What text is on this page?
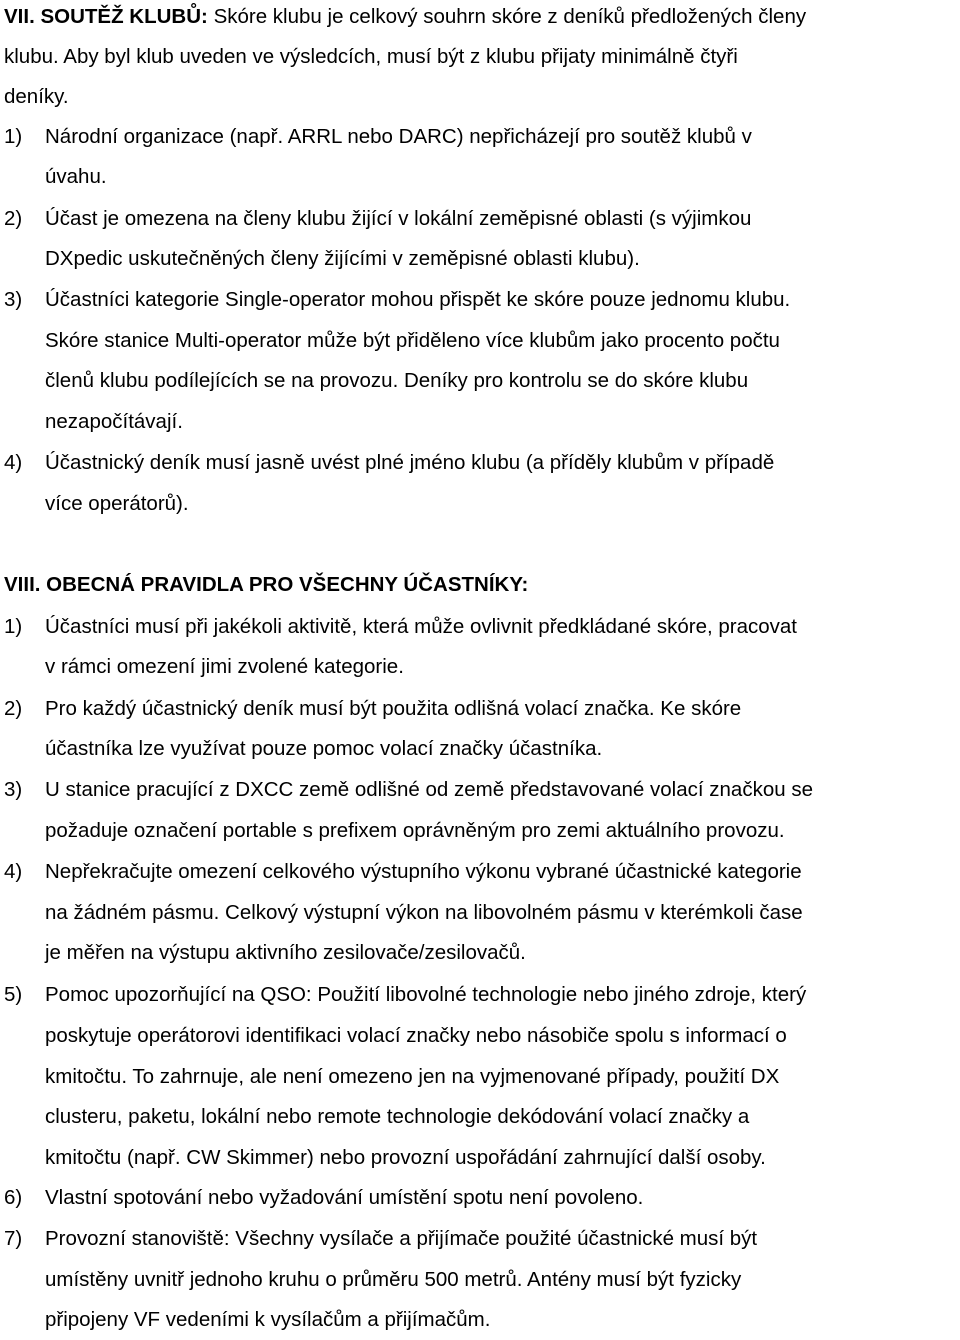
VII. SOUTĚŽ KLUBŮ: Skóre klubu je celkový souhrn skóre z deníků předložených členy
klubu. Aby byl klub uveden ve výsledcích, musí být z klubu přijaty minimálně čtyři
deníky.
1) Národní organizace (např. ARRL nebo DARC) nepřicházejí pro soutěž klubů v
úvahu.
2) Účast je omezena na členy klubu žijící v lokální zeměpisné oblasti (s výjimkou
DXpedic uskutečněných členy žijícími v zeměpisné oblasti klubu).
3) Účastníci kategorie Single-operator mohou přispět ke skóre pouze jednomu klubu.
Skóre stanice Multi-operator může být přiděleno více klubům jako procento počtu
členů klubu podílejících se na provozu. Deníky pro kontrolu se do skóre klubu
nezapočítávají.
4) Účastnický deník musí jasně uvést plné jméno klubu (a příděly klubům v případě
více operátorů).
VIII. OBECNÁ PRAVIDLA PRO VŠECHNY ÚČASTNÍKY:
1) Účastníci musí při jakékoli aktivitě, která může ovlivnit předkládané skóre, pracovat
v rámci omezení jimi zvolené kategorie.
2) Pro každý účastnický deník musí být použita odlišná volací značka. Ke skóre
účastníka lze využívat pouze pomoc volací značky účastníka.
3) U stanice pracující z DXCC země odlišné od země představované volací značkou se
požaduje označení portable s prefixem oprávněným pro zemi aktuálního provozu.
4) Nepřekračujte omezení celkového výstupního výkonu vybrané účastnické kategorie
na žádném pásmu. Celkový výstupní výkon na libovolném pásmu v kterémkoli čase
je měřen na výstupu aktivního zesilovače/zesilovačů.
5) Pomoc upozorňující na QSO: Použití libovolné technologie nebo jiného zdroje, který
poskytuje operátorovi identifikaci volací značky nebo násobiče spolu s informací o
kmitočtu. To zahrnuje, ale není omezeno jen na vyjmenované případy, použití DX
clusteru, paketu, lokální nebo remote technologie dekódování volací značky a
kmitočtu (např. CW Skimmer) nebo provozní uspořádání zahrnující další osoby.
6) Vlastní spotování nebo vyžadování umístění spotu není povoleno.
7) Provozní stanoviště: Všechny vysílače a přijímače použité účastnické musí být
umístěny uvnitř jednoho kruhu o průměru 500 metrů. Antény musí být fyzicky
připojeny VF vedeními k vysílačům a přijímačům.
